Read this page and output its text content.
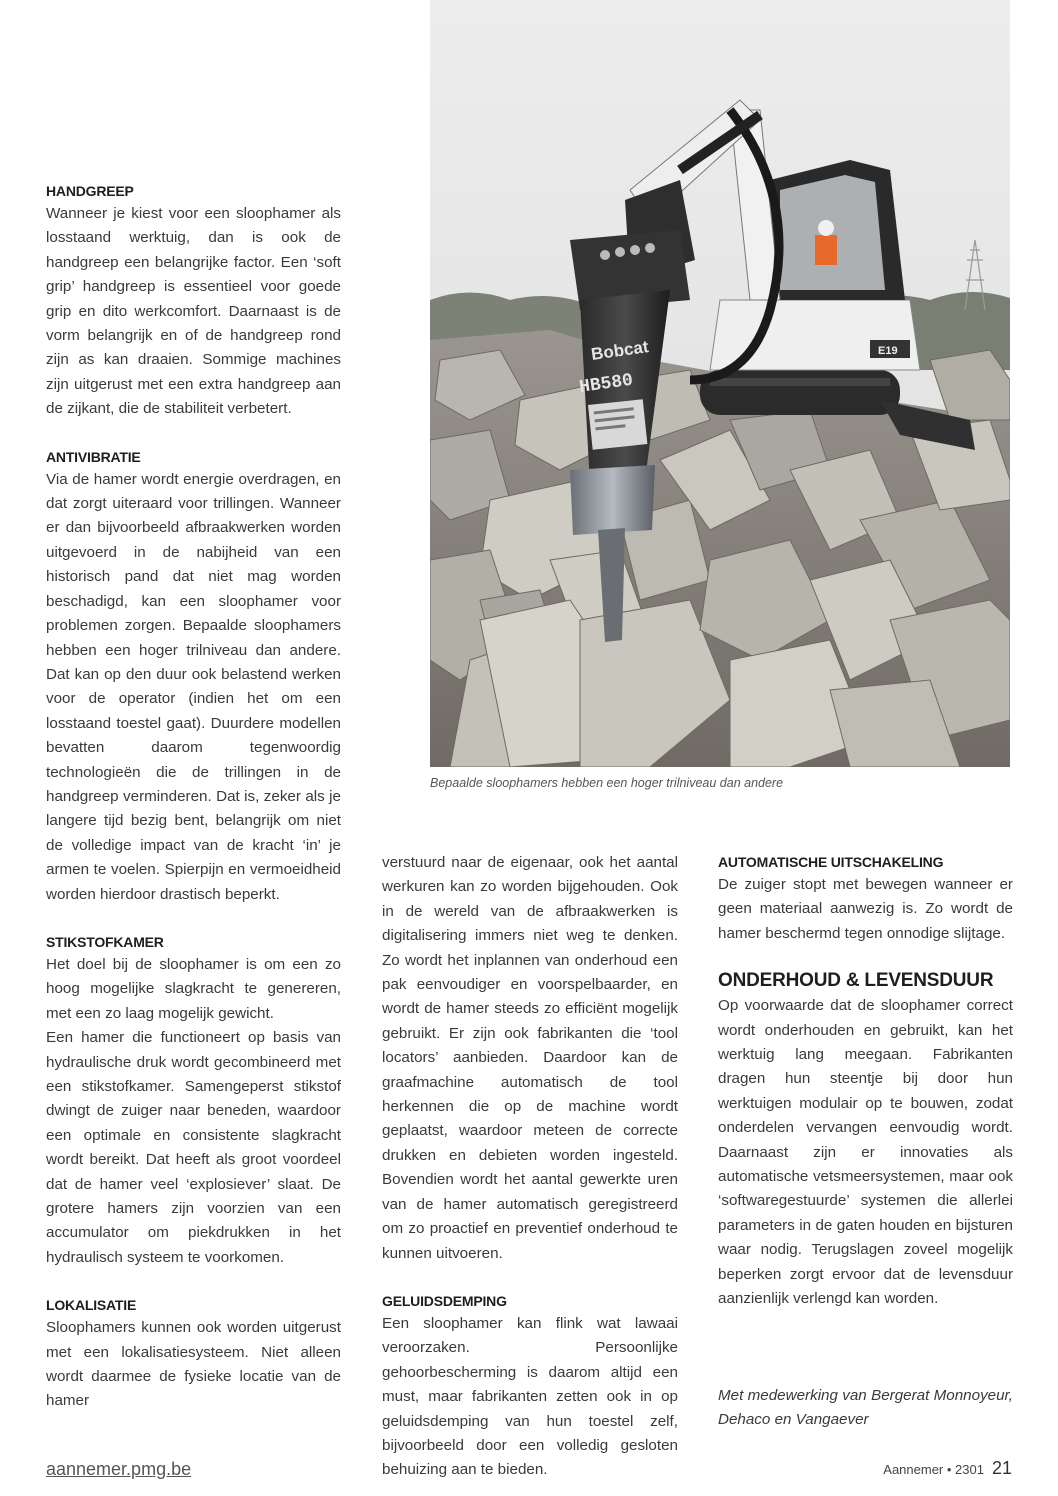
E19
Bobcat
HB580
Bepaalde sloophamers hebben een hoger trilniveau dan andere
HANDGREEP

Wanneer je kiest voor een sloophamer als losstaand werktuig, dan is ook de handgreep een belangrijke factor. Een ‘soft grip’ handgreep is essentieel voor goede grip en dito werkcomfort. Daarnaast is de vorm belangrijk en of de handgreep rond zijn as kan draaien. Sommige machines zijn uitgerust met een extra handgreep aan de zijkant, die de stabiliteit verbetert.

ANTIVIBRATIE

Via de hamer wordt energie overdragen, en dat zorgt uiteraard voor trillingen. Wanneer er dan bijvoorbeeld afbraakwerken worden uitgevoerd in de nabijheid van een historisch pand dat niet mag worden beschadigd, kan een sloophamer voor problemen zorgen. Bepaalde sloophamers hebben een hoger trilniveau dan andere. Dat kan op den duur ook belastend werken voor de operator (indien het om een losstaand toestel gaat). Duurdere modellen bevatten daarom tegenwoordig technologieën die de trillingen in de handgreep verminderen. Dat is, zeker als je langere tijd bezig bent, belangrijk om niet de volledige impact van de kracht ‘in’ je armen te voelen. Spierpijn en vermoeidheid worden hierdoor drastisch beperkt.

STIKSTOFKAMER

Het doel bij de sloophamer is om een zo hoog mogelijke slagkracht te genereren, met een zo laag mogelijk gewicht.

Een hamer die functioneert op basis van hydraulische druk wordt gecombineerd met een stikstofkamer. Samengeperst stikstof dwingt de zuiger naar beneden, waardoor een optimale en consistente slagkracht wordt bereikt. Dat heeft als groot voordeel dat de hamer veel ‘explosiever’ slaat. De grotere hamers zijn voorzien van een accumulator om piekdrukken in het hydraulisch systeem te voorkomen.

LOKALISATIE

Sloophamers kunnen ook worden uitgerust met een lokalisatiesysteem. Niet alleen wordt daarmee de fysieke locatie van de hamer

verstuurd naar de eigenaar, ook het aantal werkuren kan zo worden bijgehouden. Ook in de wereld van de afbraakwerken is digitalisering immers niet weg te denken. Zo wordt het inplannen van onderhoud een pak eenvoudiger en voorspelbaarder, en wordt de hamer steeds zo efficiënt mogelijk gebruikt. Er zijn ook fabrikanten die ‘tool locators’ aanbieden. Daardoor kan de graafmachine automatisch de tool herkennen die op de machine wordt geplaatst, waardoor meteen de correcte drukken en debieten worden ingesteld. Bovendien wordt het aantal gewerkte uren van de hamer automatisch geregistreerd om zo proactief en preventief onderhoud te kunnen uitvoeren.

GELUIDSDEMPING

Een sloophamer kan flink wat lawaai veroorzaken. Persoonlijke gehoorbescherming is daarom altijd een must, maar fabrikanten zetten ook in op geluidsdemping van hun toestel zelf, bijvoorbeeld door een volledig gesloten behuizing aan te bieden.

AUTOMATISCHE UITSCHAKELING

De zuiger stopt met bewegen wanneer er geen materiaal aanwezig is. Zo wordt de hamer beschermd tegen onnodige slijtage.

ONDERHOUD & LEVENSDUUR

Op voorwaarde dat de sloophamer correct wordt onderhouden en gebruikt, kan het werktuig lang meegaan. Fabrikanten dragen hun steentje bij door hun werktuigen modulair op te bouwen, zodat onderdelen vervangen eenvoudig wordt. Daarnaast zijn er innovaties als automatische vetsmeersystemen, maar ook ‘softwaregestuurde’ systemen die allerlei parameters in de gaten houden en bijsturen waar nodig. Terugslagen zoveel mogelijk beperken zorgt ervoor dat de levensduur aanzienlijk verlengd kan worden.

Met medewerking van Bergerat Monnoyeur, Dehaco en Vangaever

aannemer.pmg.be	Aannemer • 2301 21
